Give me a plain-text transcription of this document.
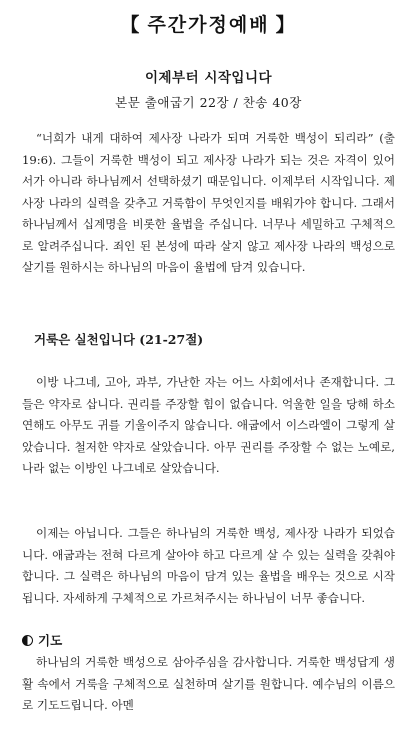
【 주간가정예배 】
이제부터 시작입니다
본문 출애굽기 22장 / 찬송 40장

“너희가 내게 대하여 제사장 나라가 되며 거룩한 백성이 되리라” (출 19:6). 그들이 거룩한 백성이 되고 제사장 나라가 되는 것은 자격이 있어서가 아니라 하나님께서 선택하셨기 때문입니다. 이제부터 시작입니다. 제사장 나라의 실력을 갖추고 거룩함이 무엇인지를 배워가야 합니다. 그래서 하나님께서 십계명을 비롯한 율법을 주십니다. 너무나 세밀하고 구체적으로 알려주십니다. 죄인 된 본성에 따라 살지 않고 제사장 나라의 백성으로 살기를 원하시는 하나님의 마음이 율법에 담겨 있습니다.

거룩은 실천입니다 (21-27절)

이방 나그네, 고아, 과부, 가난한 자는 어느 사회에서나 존재합니다. 그들은 약자로 삽니다. 권리를 주장할 힘이 없습니다. 억울한 일을 당해 하소연해도 아무도 귀를 기울이주지 않습니다. 애굽에서 이스라엘이 그렇게 살았습니다. 철저한 약자로 살았습니다. 아무 권리를 주장할 수 없는 노예로, 나라 없는 이방인 나그네로 살았습니다.

이제는 아닙니다. 그들은 하나님의 거룩한 백성, 제사장 나라가 되었습니다. 애굽과는 전혀 다르게 살아야 하고 다르게 살 수 있는 실력을 갖춰야 합니다. 그 실력은 하나님의 마음이 담겨 있는 율법을 배우는 것으로 시작됩니다. 자세하게 구체적으로 가르쳐주시는 하나님이 너무 좋습니다.

기도

하나님의 거룩한 백성으로 삼아주심을 감사합니다. 거룩한 백성답게 생활 속에서 거룩을 구체적으로 실천하며 살기를 원합니다. 예수님의 이름으로 기도드립니다. 아멘
